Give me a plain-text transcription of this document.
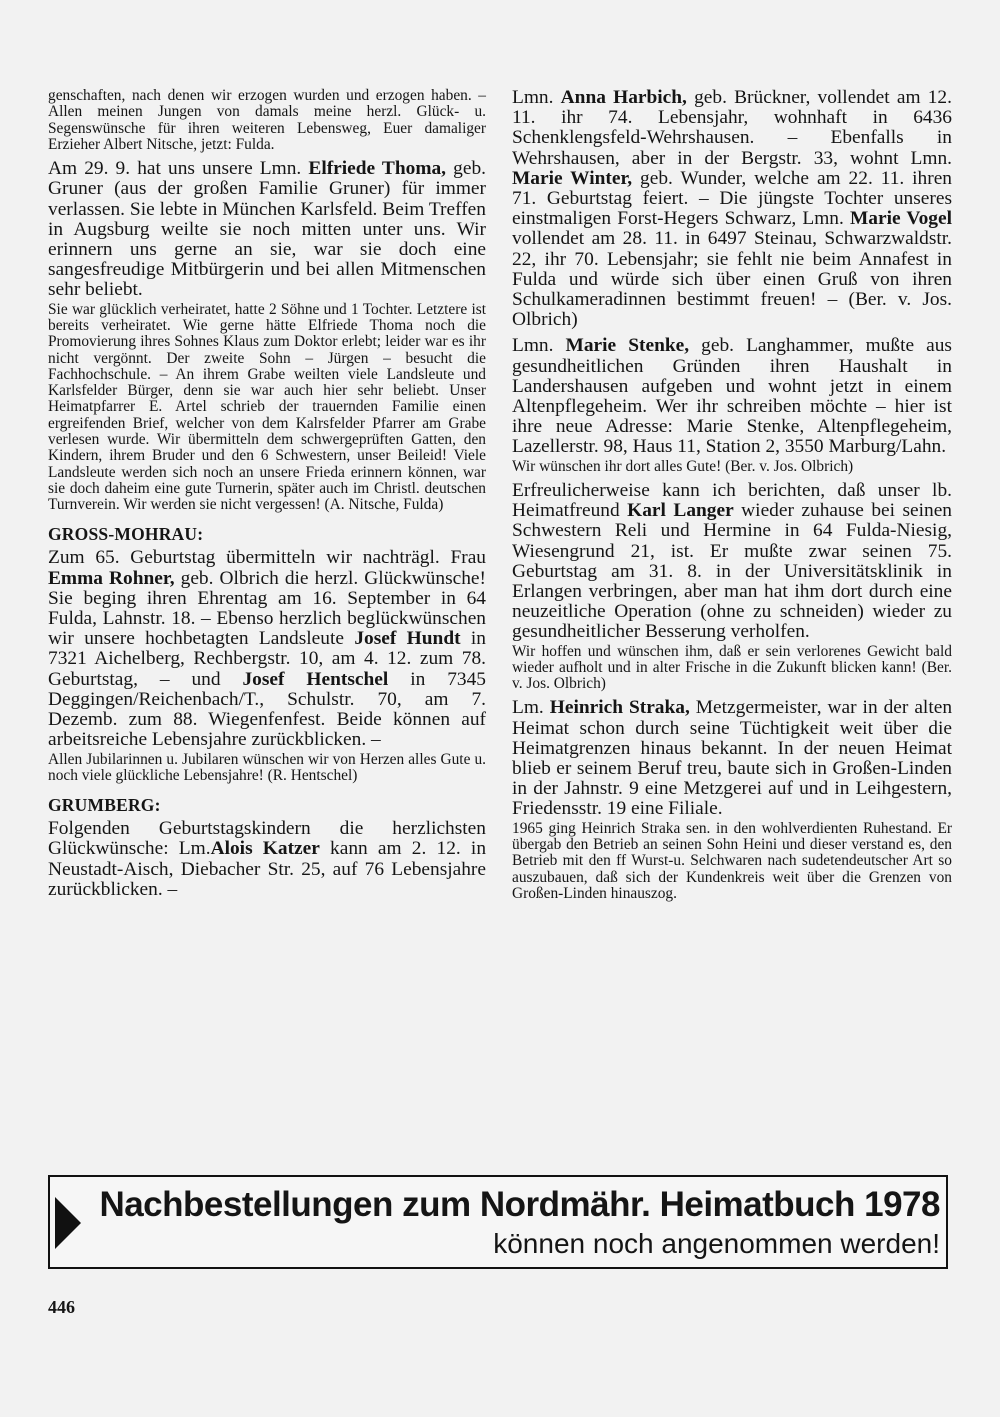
genschaften, nach denen wir erzogen wurden und erzogen haben. – Allen meinen Jungen von damals meine herzl. Glück- u. Segenswünsche für ihren weiteren Lebensweg, Euer damaliger Erzieher Albert Nitsche, jetzt: Fulda.

Am 29. 9. hat uns unsere Lmn. Elfriede Thoma, geb. Gruner (aus der großen Familie Gruner) für immer verlassen. Sie lebte in München Karlsfeld. Beim Treffen in Augsburg weilte sie noch mitten unter uns. Wir erinnern uns gerne an sie, war sie doch eine sangesfreudige Mitbürgerin und bei allen Mitmenschen sehr beliebt.

Sie war glücklich verheiratet, hatte 2 Söhne und 1 Tochter. Letztere ist bereits verheiratet. Wie gerne hätte Elfriede Thoma noch die Promovierung ihres Sohnes Klaus zum Doktor erlebt; leider war es ihr nicht vergönnt. Der zweite Sohn – Jürgen – besucht die Fachhochschule. – An ihrem Grabe weilten viele Landsleute und Karlsfelder Bürger, denn sie war auch hier sehr beliebt. Unser Heimatpfarrer E. Artel schrieb der trauernden Familie einen ergreifenden Brief, welcher von dem Kalrsfelder Pfarrer am Grabe verlesen wurde. Wir übermitteln dem schwergeprüften Gatten, den Kindern, ihrem Bruder und den 6 Schwestern, unser Beileid! Viele Landsleute werden sich noch an unsere Frieda erinnern können, war sie doch daheim eine gute Turnerin, später auch im Christl. deutschen Turnverein. Wir werden sie nicht vergessen! (A. Nitsche, Fulda)

GROSS-MOHRAU:

Zum 65. Geburtstag übermitteln wir nachträgl. Frau Emma Rohner, geb. Olbrich die herzl. Glückwünsche! Sie beging ihren Ehrentag am 16. September in 64 Fulda, Lahnstr. 18. – Ebenso herzlich beglückwünschen wir unsere hochbetagten Landsleute Josef Hundt in 7321 Aichelberg, Rechbergstr. 10, am 4. 12. zum 78. Geburtstag, – und Josef Hentschel in 7345 Deggingen/Reichenbach/T., Schulstr. 70, am 7. Dezemb. zum 88. Wiegenfenfest. Beide können auf arbeitsreiche Lebensjahre zurückblicken. –

Allen Jubilarinnen u. Jubilaren wünschen wir von Herzen alles Gute u. noch viele glückliche Lebensjahre! (R. Hentschel)

GRUMBERG:

Folgenden Geburtstagskindern die herzlichsten Glückwünsche: Lm.Alois Katzer kann am 2. 12. in Neustadt-Aisch, Diebacher Str. 25, auf 76 Lebensjahre zurückblicken. –

Lmn. Anna Harbich, geb. Brückner, vollendet am 12. 11. ihr 74. Lebensjahr, wohnhaft in 6436 Schenklengsfeld-Wehrshausen. – Ebenfalls in Wehrshausen, aber in der Bergstr. 33, wohnt Lmn. Marie Winter, geb. Wunder, welche am 22. 11. ihren 71. Geburtstag feiert. – Die jüngste Tochter unseres einstmaligen Forst-Hegers Schwarz, Lmn. Marie Vogel vollendet am 28. 11. in 6497 Steinau, Schwarzwaldstr. 22, ihr 70. Lebensjahr; sie fehlt nie beim Annafest in Fulda und würde sich über einen Gruß von ihren Schulkameradinnen bestimmt freuen! – (Ber. v. Jos. Olbrich)

Lmn. Marie Stenke, geb. Langhammer, mußte aus gesundheitlichen Gründen ihren Haushalt in Landershausen aufgeben und wohnt jetzt in einem Altenpflegeheim. Wer ihr schreiben möchte – hier ist ihre neue Adresse: Marie Stenke, Altenpflegeheim, Lazellerstr. 98, Haus 11, Station 2, 3550 Marburg/Lahn.

Wir wünschen ihr dort alles Gute! (Ber. v. Jos. Olbrich)

Erfreulicherweise kann ich berichten, daß unser lb. Heimatfreund Karl Langer wieder zuhause bei seinen Schwestern Reli und Hermine in 64 Fulda-Niesig, Wiesengrund 21, ist. Er mußte zwar seinen 75. Geburtstag am 31. 8. in der Universitätsklinik in Erlangen verbringen, aber man hat ihm dort durch eine neuzeitliche Operation (ohne zu schneiden) wieder zu gesundheitlicher Besserung verholfen.

Wir hoffen und wünschen ihm, daß er sein verlorenes Gewicht bald wieder aufholt und in alter Frische in die Zukunft blicken kann! (Ber. v. Jos. Olbrich)

Lm. Heinrich Straka, Metzgermeister, war in der alten Heimat schon durch seine Tüchtigkeit weit über die Heimatgrenzen hinaus bekannt. In der neuen Heimat blieb er seinem Beruf treu, baute sich in Großen-Linden in der Jahnstr. 9 eine Metzgerei auf und in Leihgestern, Friedensstr. 19 eine Filiale.

1965 ging Heinrich Straka sen. in den wohlverdienten Ruhestand. Er übergab den Betrieb an seinen Sohn Heini und dieser verstand es, den Betrieb mit den ff Wurst-u. Selchwaren nach sudetendeutscher Art so auszubauen, daß sich der Kundenkreis weit über die Grenzen von Großen-Linden hinauszog.

Nachbestellungen zum Nordmähr. Heimatbuch 1978
können noch angenommen werden!
446
